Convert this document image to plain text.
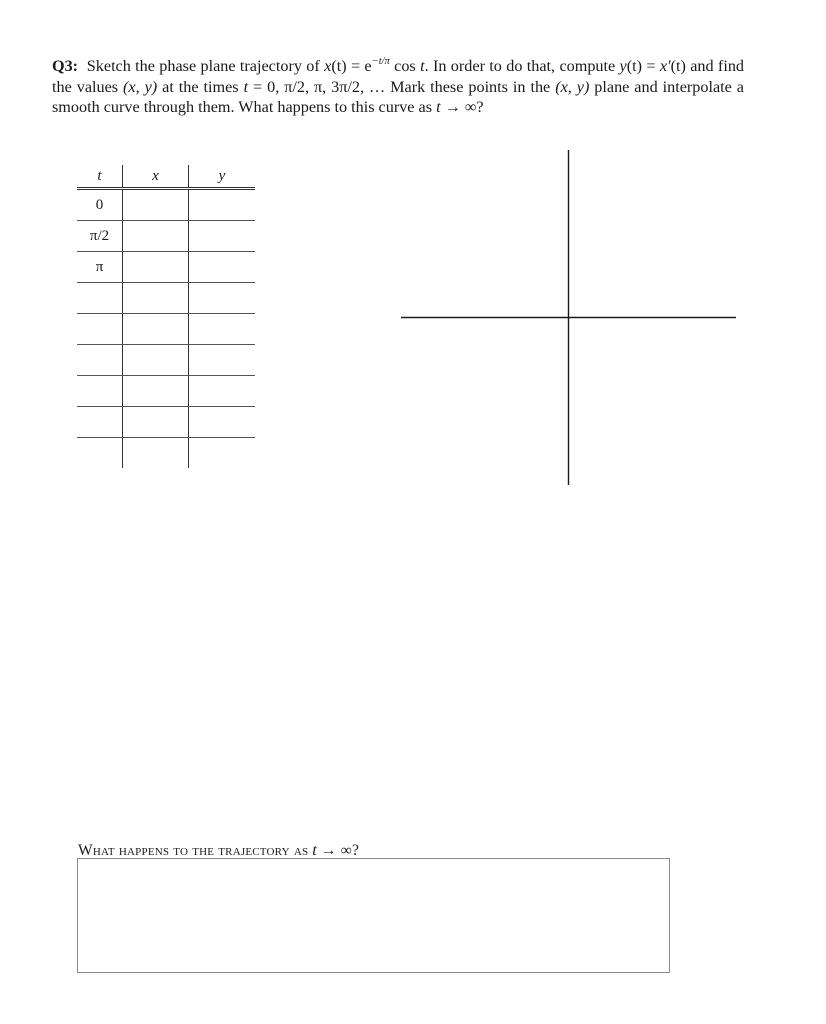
Q3: Sketch the phase plane trajectory of $x(t) = e^{-t/\pi}$ cos t. In order to do that, compute y(t) = x′(t) and find the values (x, y) at the times t = 0, π/2, π, 3π/2, … Mark these points in the (x, y) plane and interpolate a smooth curve through them. What happens to this curve as t → ∞?
t	x	y
0		
π/2		
π		

What happens to the trajectory as t → ∞?
